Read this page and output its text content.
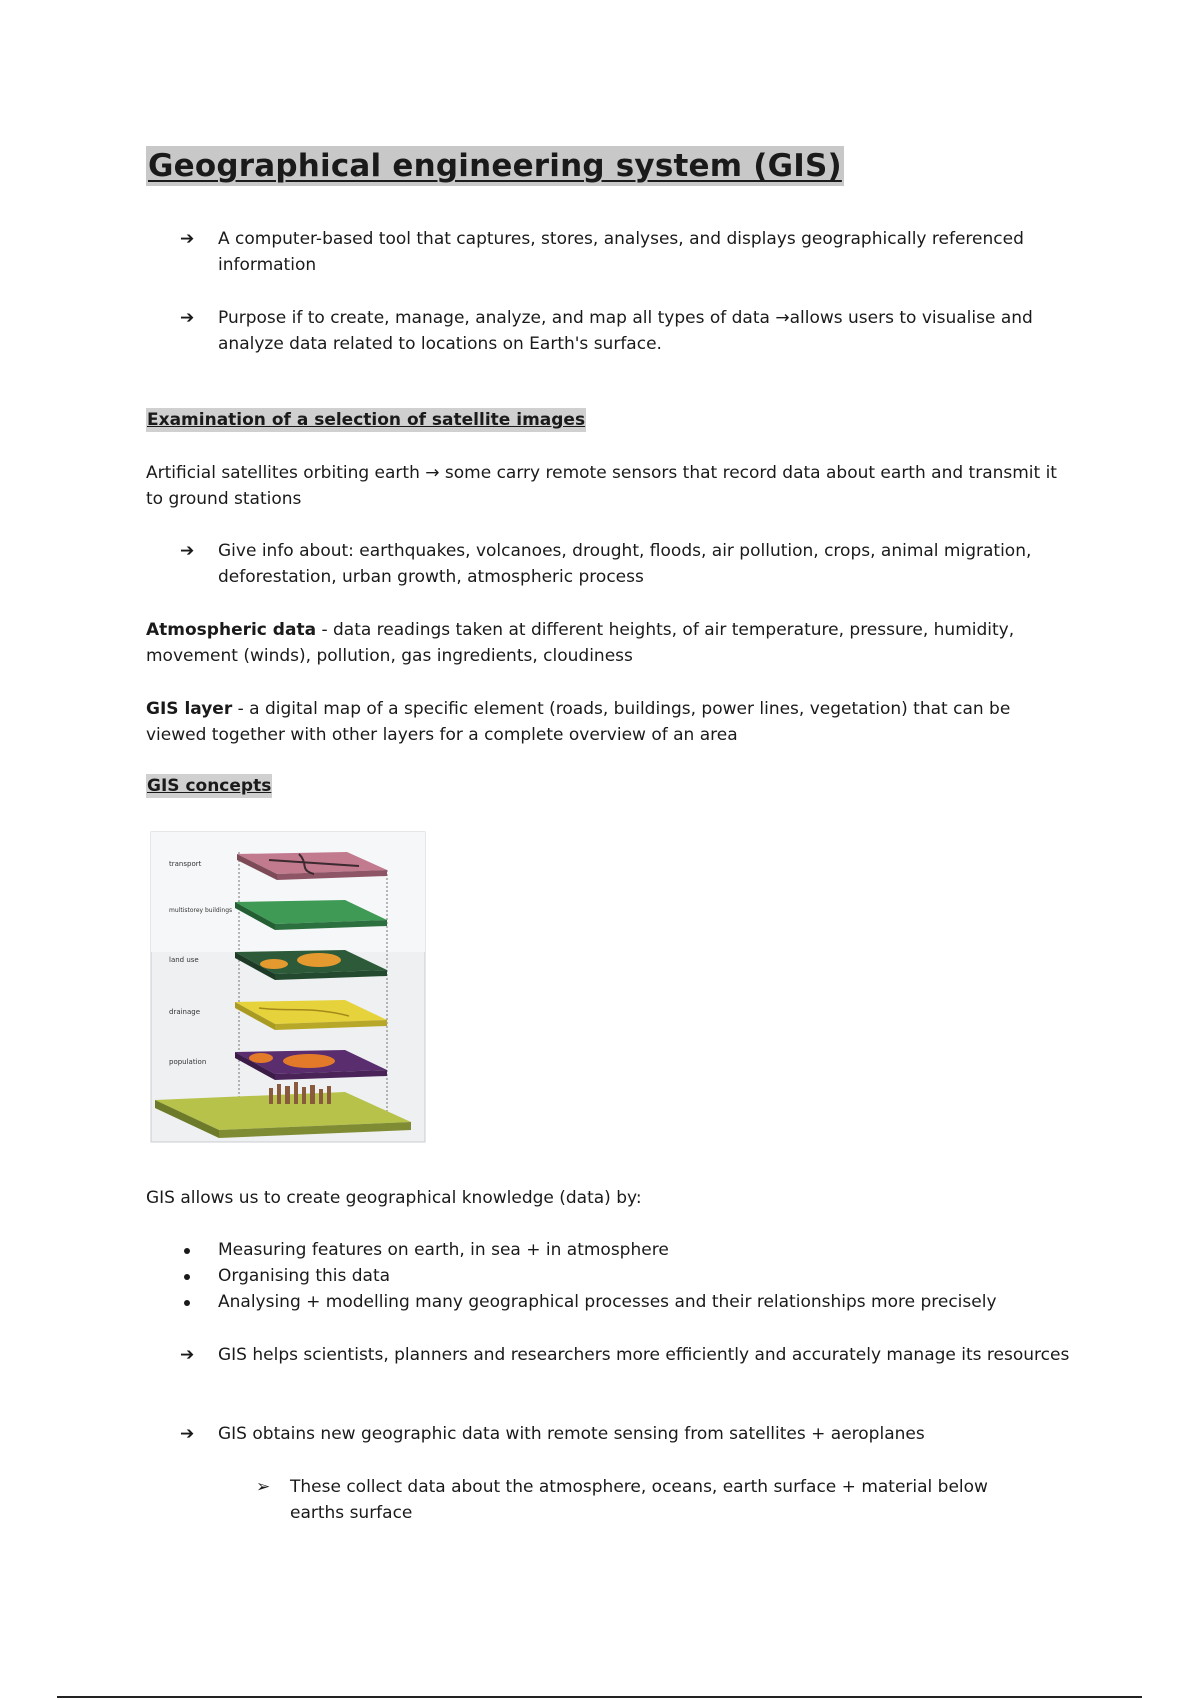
Geographical engineering system (GIS)
➔	A computer-based tool that captures, stores, analyses, and displays geographically referenced information
➔	Purpose if to create, manage, analyze, and map all types of data →allows users to visualise and analyze data related to locations on Earth's surface.
Examination of a selection of satellite images
Artificial satellites orbiting earth → some carry remote sensors that record data about earth and transmit it to ground stations
➔	Give info about: earthquakes, volcanoes, drought, floods, air pollution, crops, animal migration, deforestation, urban growth, atmospheric process
Atmospheric data - data readings taken at different heights, of air temperature, pressure, humidity, movement (winds), pollution, gas ingredients, cloudiness
GIS layer - a digital map of a specific element (roads, buildings, power lines, vegetation) that can be viewed together with other layers for a complete overview of an area
GIS concepts
transport
multistorey buildings
land use
drainage
population
GIS allows us to create geographical knowledge (data) by:
Measuring features on earth, in sea + in atmosphere
Organising this data
Analysing + modelling many geographical processes and their relationships more precisely
➔	GIS helps scientists, planners and researchers more efficiently and accurately manage its resources
➔	GIS obtains new geographic data with remote sensing from satellites + aeroplanes
➢ These collect data about the atmosphere, oceans, earth surface + material below earths surface
